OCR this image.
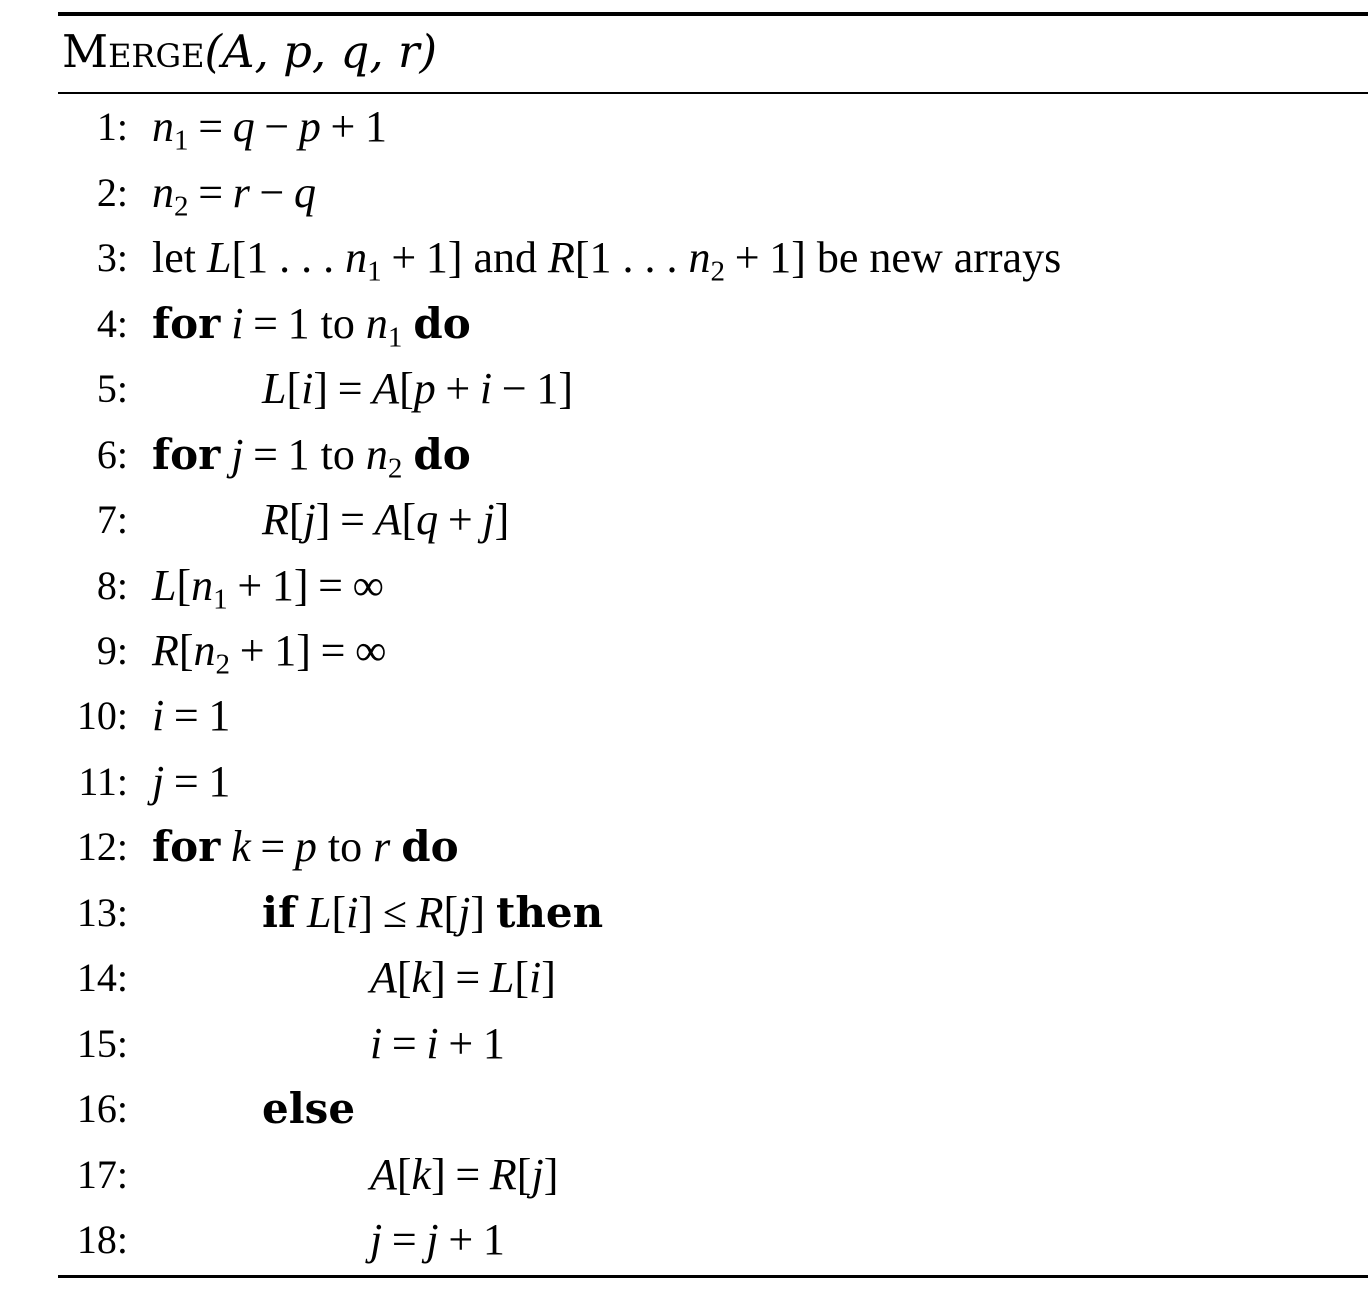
Merge(A, p, q, r)
1: $n_1 = q - p + 1$
2: $n_2 = r - q$
3: let L[1 . . . $n_1 + 1$] and R[1 . . . $n_2 + 1$] be new arrays
4: for i = 1 to $n_1$ do
5:	L[i] = A[p + i − 1]
6: for j = 1 to $n_2$ do
7:	R[j] = A[q + j]
8: $L[n_1 + 1]$ = ∞
9: $R[n_2 + 1]$ = ∞
10: i = 1
11: j = 1
12: for k = p to r do
13:	if L[i] ≤ R[j] then
14:	A[k] = L[i]
15:	i = i + 1
16:	else
17:	A[k] = R[j]
18:	j = j + 1
